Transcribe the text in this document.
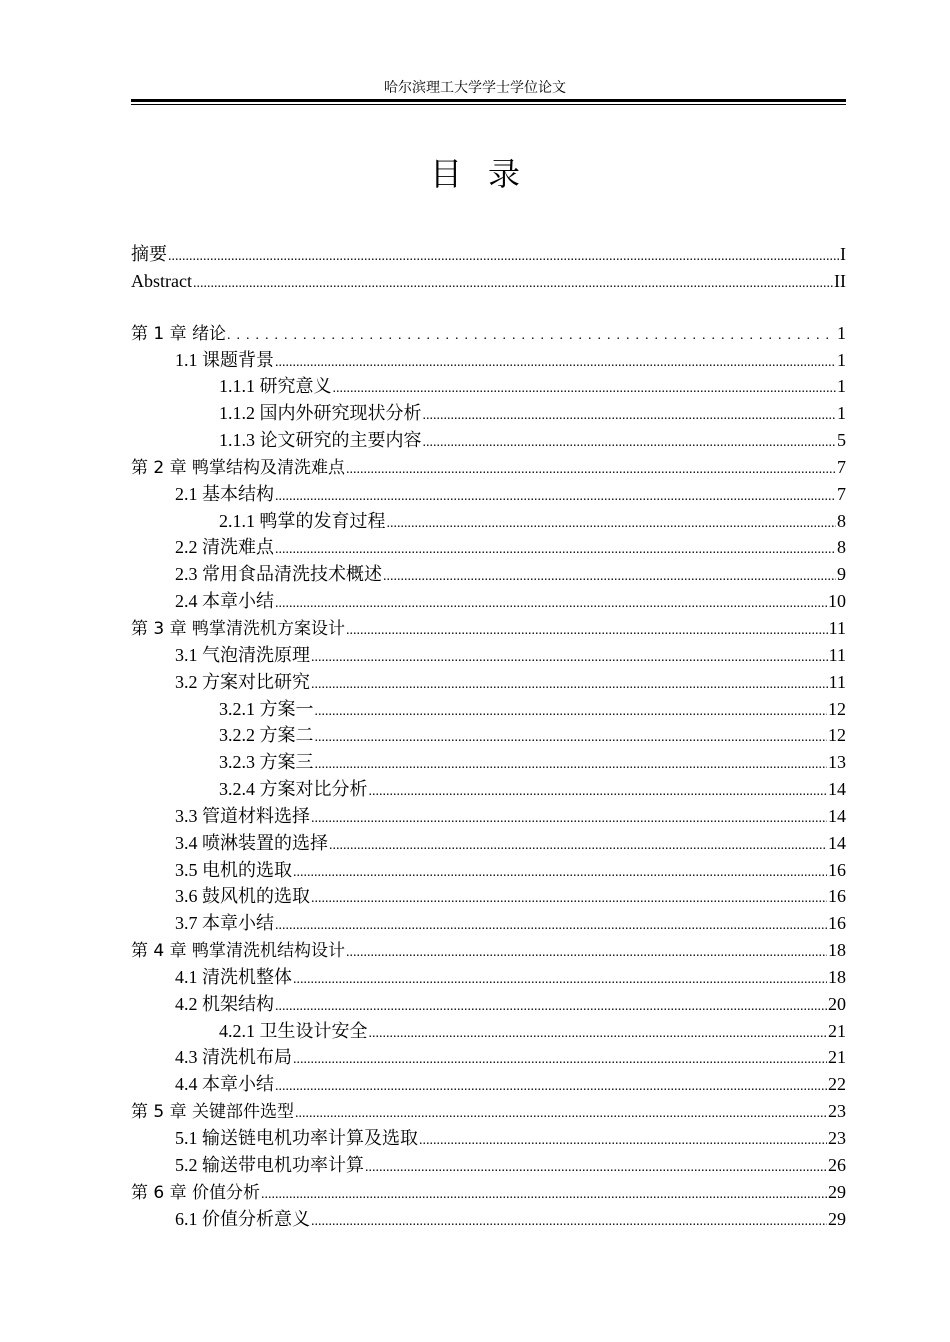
哈尔滨理工大学学士学位论文
目录
摘要 .....	I
Abstract .....	II
第 1 章 绪论 .....	1
1.1 课题背景 .....	1
1.1.1 研究意义 .....	1
1.1.2 国内外研究现状分析 .....	1
1.1.3 论文研究的主要内容 .....	5
第 2 章 鸭掌结构及清洗难点 .....	7
2.1 基本结构 .....	7
2.1.1 鸭掌的发育过程 .....	8
2.2 清洗难点 .....	8
2.3 常用食品清洗技术概述 .....	9
2.4 本章小结 .....	10
第 3 章 鸭掌清洗机方案设计 .....	11
3.1 气泡清洗原理 .....	11
3.2 方案对比研究 .....	11
3.2.1 方案一 .....	12
3.2.2 方案二 .....	12
3.2.3 方案三 .....	13
3.2.4 方案对比分析 .....	14
3.3 管道材料选择 .....	14
3.4 喷淋装置的选择 .....	14
3.5 电机的选取 .....	16
3.6 鼓风机的选取 .....	16
3.7 本章小结 .....	16
第 4 章 鸭掌清洗机结构设计 .....	18
4.1 清洗机整体 .....	18
4.2 机架结构 .....	20
4.2.1 卫生设计安全 .....	21
4.3 清洗机布局 .....	21
4.4 本章小结 .....	22
第 5 章 关键部件选型 .....	23
5.1 输送链电机功率计算及选取 .....	23
5.2 输送带电机功率计算 .....	26
第 6 章 价值分析 .....	29
6.1 价值分析意义 .....	29
